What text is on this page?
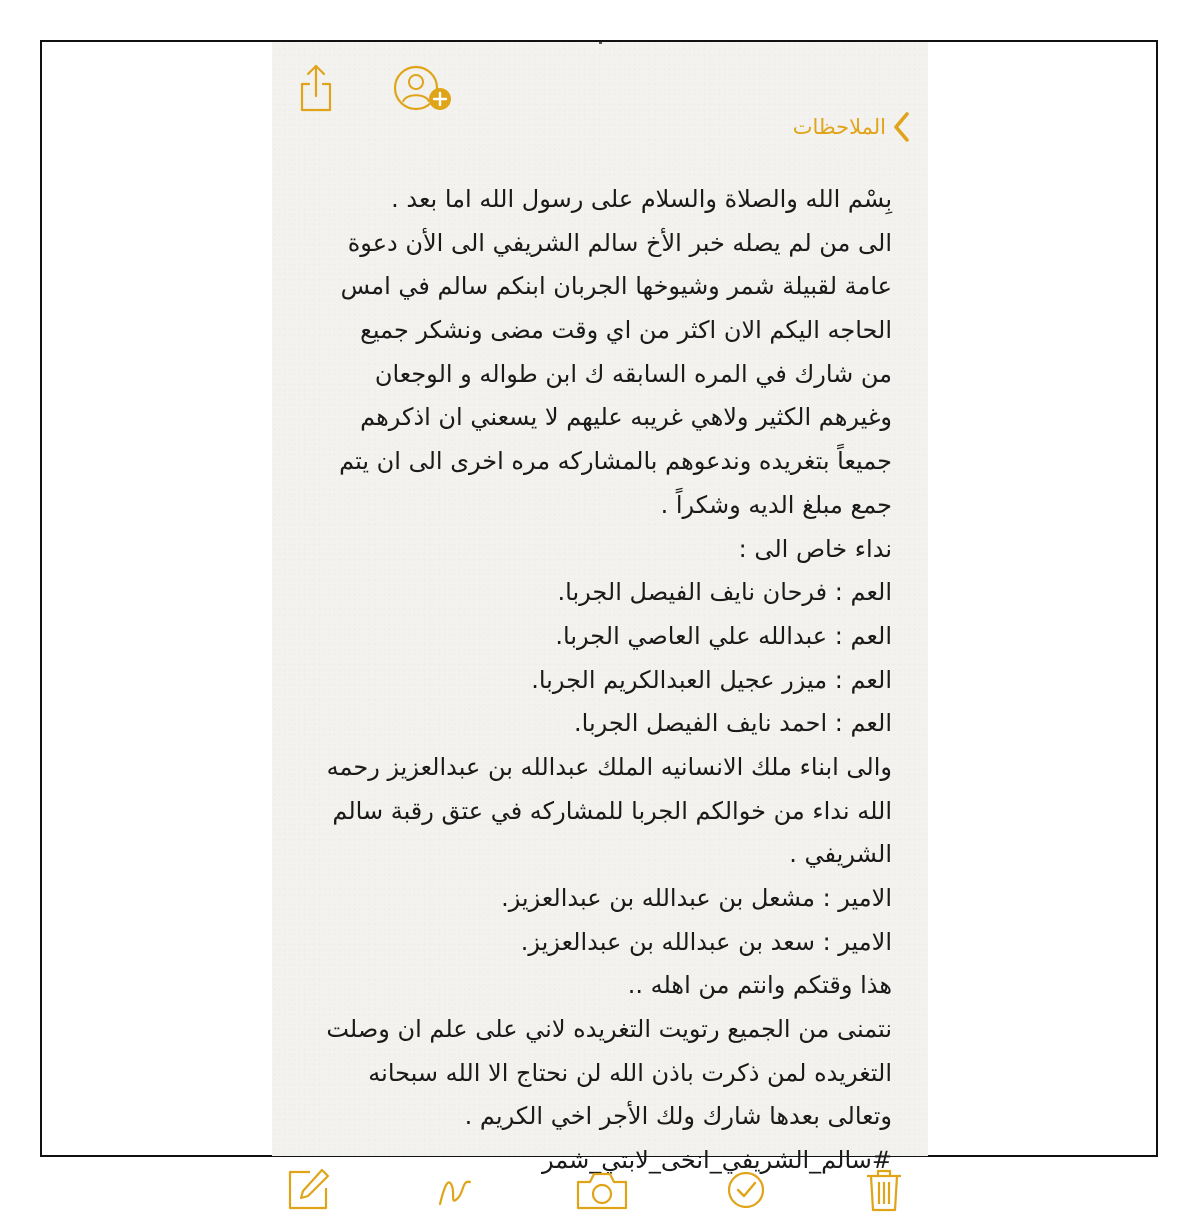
الملاحظات
بِسْم الله والصلاة والسلام على رسول الله اما بعد .
الى من لم يصله خبر الأخ سالم الشريفي الى الأن دعوة
عامة لقبيلة شمر وشيوخها الجربان ابنكم سالم في امس
الحاجه اليكم الان اكثر من اي وقت مضى ونشكر جميع
من شارك في المره السابقه ك ابن طواله و الوجعان
وغيرهم الكثير ولاهي غريبه عليهم لا يسعني ان اذكرهم
جميعاً بتغريده وندعوهم بالمشاركه مره اخرى الى ان يتم
جمع مبلغ الديه وشكراً .
نداء خاص الى :
العم : فرحان نايف الفيصل الجربا.
العم : عبدالله علي العاصي الجربا.
العم : ميزر عجيل العبدالكريم الجربا.
العم : احمد نايف الفيصل الجربا.
والى ابناء ملك الانسانيه الملك عبدالله بن عبدالعزيز رحمه
الله نداء من خوالكم الجربا للمشاركه في عتق رقبة سالم
الشريفي .
الامير : مشعل بن عبدالله بن عبدالعزيز.
الامير : سعد بن عبدالله بن عبدالعزيز.
هذا وقتكم وانتم من اهله ..
نتمنى من الجميع رتويت التغريده لاني على علم ان وصلت
التغريده لمن ذكرت باذن الله لن نحتاج الا الله سبحانه
وتعالى بعدها شارك ولك الأجر اخي الكريم .
#سالم_الشريفي_انخى_لابتي_شمر
